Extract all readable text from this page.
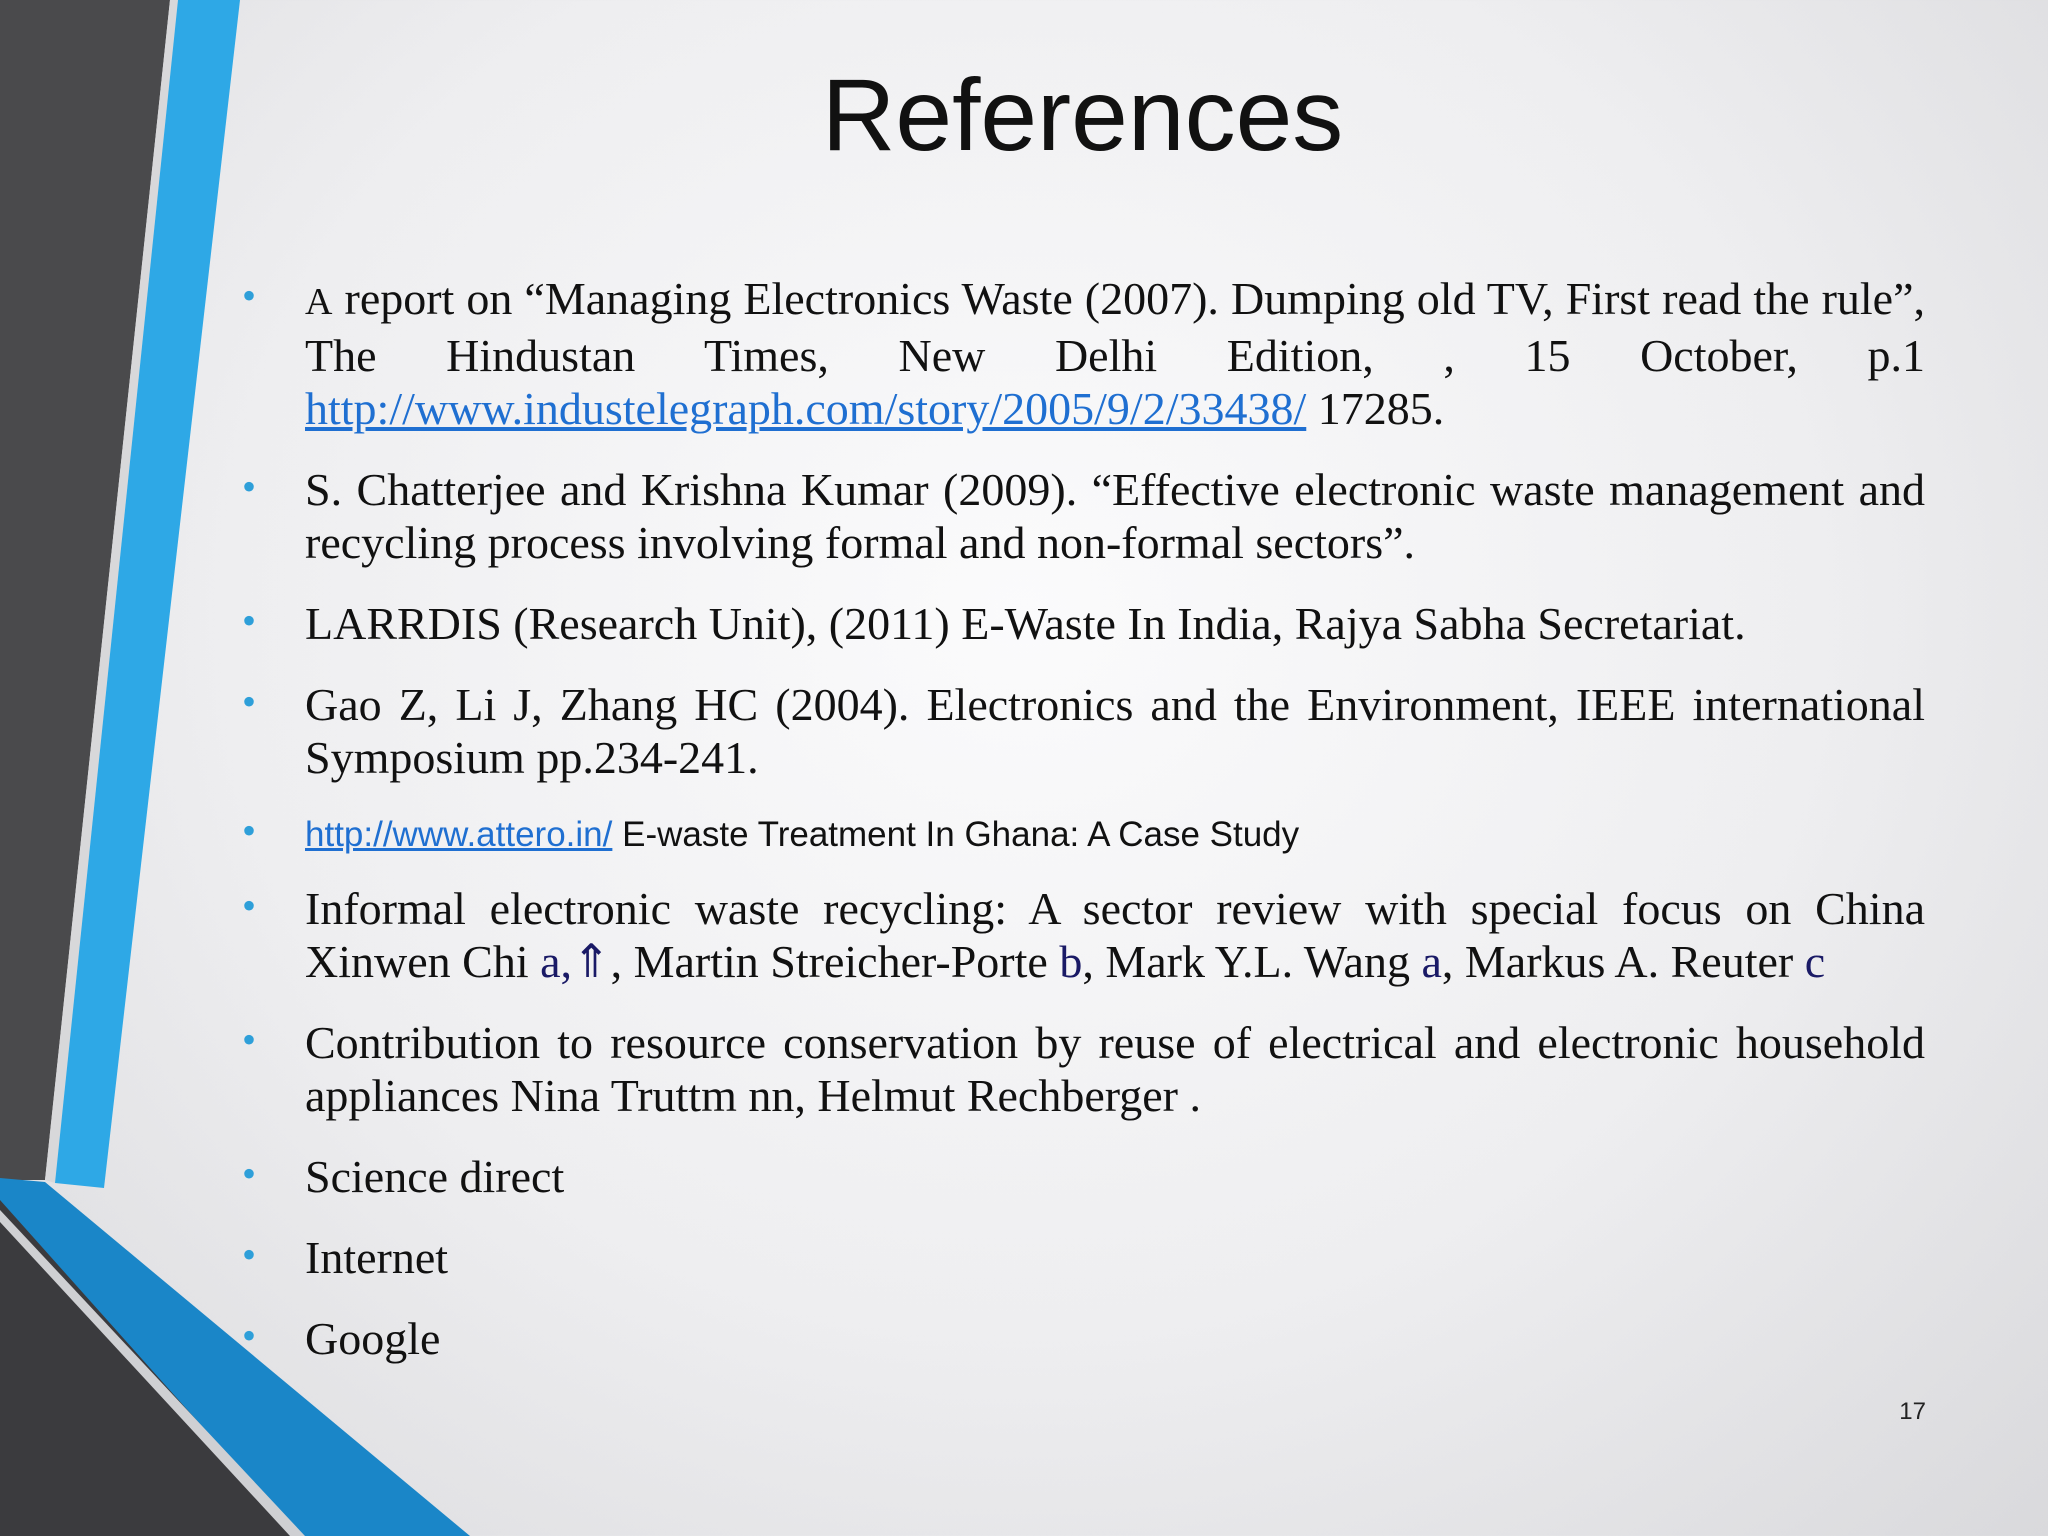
References
• A report on “Managing Electronics Waste (2007). Dumping old TV, First read the rule”, The Hindustan Times, New Delhi Edition, , 15 October, p.1 http://www.industelegraph.com/story/2005/9/2/33438/ 17285.
• S. Chatterjee and Krishna Kumar (2009). “Effective electronic waste management and recycling process involving formal and non-formal sectors”.
• LARRDIS (Research Unit), (2011) E-Waste In India, Rajya Sabha Secretariat.
• Gao Z, Li J, Zhang HC (2004). Electronics and the Environment, IEEE international Symposium pp.234-241.
• http://www.attero.in/ E-waste Treatment In Ghana: A Case Study
• Informal electronic waste recycling: A sector review with special focus on China Xinwen Chi a,⇑, Martin Streicher-Porte b, Mark Y.L. Wang a, Markus A. Reuter c
• Contribution to resource conservation by reuse of electrical and electronic household appliances Nina Truttm nn, Helmut Rechberger .
• Science direct
• Internet
• Google
17
